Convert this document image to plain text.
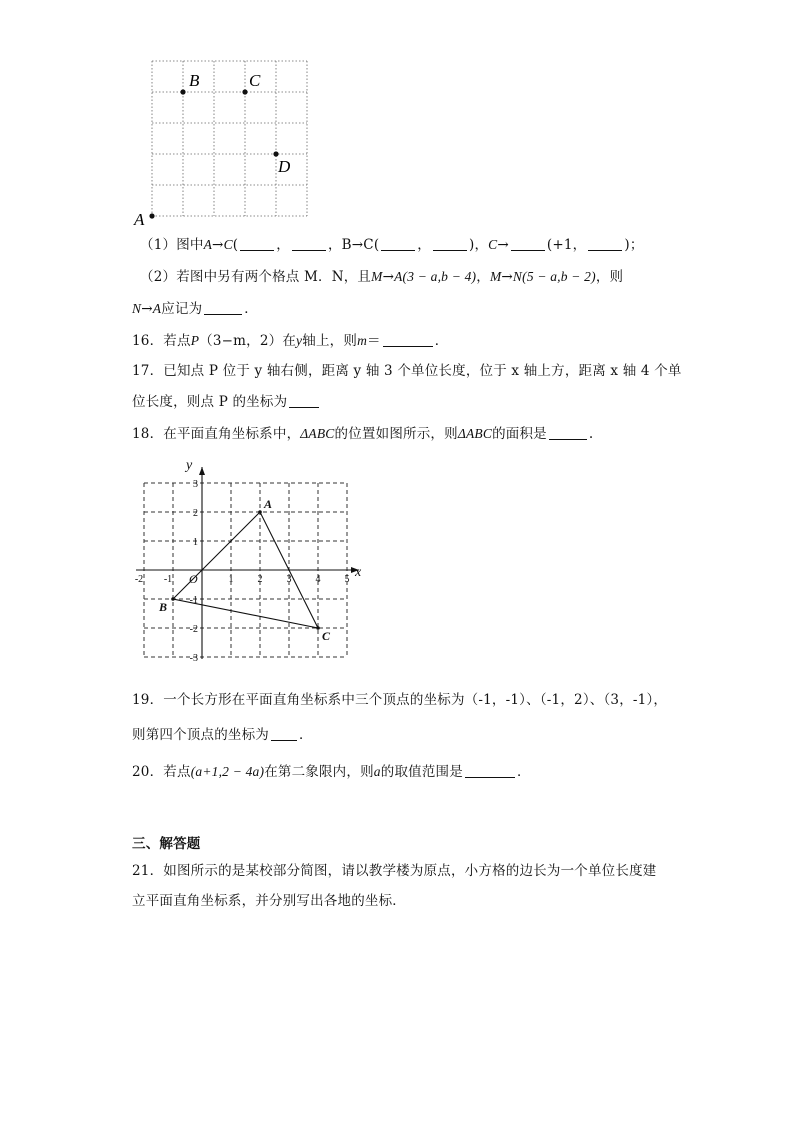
A
B	C
D
（1）图中A→C(	，	，B→C(	，	)，C→	(+1，	)；
（2）若图中另有两个格点 M．N，且M→A(3 − a,b − 4)，M→N(5 − a,b − 2)，则
N→A应记为	．
16．若点P（3−m，2）在y轴上，则m＝	．
17．已知点 P 位于 y 轴右侧，距离 y 轴 3 个单位长度，位于 x 轴上方，距离 x 轴 4 个单
位长度，则点 P 的坐标为
18．在平面直角坐标系中，ΔABC的位置如图所示，则ΔABC的面积是	.
x
y
O
-2 -1	1 2 3 4 5
3
2
1
-1
-2
-3
A
B
C
19．一个长方形在平面直角坐标系中三个顶点的坐标为（-1，-1）、（-1，2）、（3，-1），
则第四个顶点的坐标为 ．
20．若点(a+1,2 − 4a)在第二象限内，则a的取值范围是	．
三、解答题
21．如图所示的是某校部分简图，请以教学楼为原点，小方格的边长为一个单位长度建
立平面直角坐标系，并分别写出各地的坐标．
